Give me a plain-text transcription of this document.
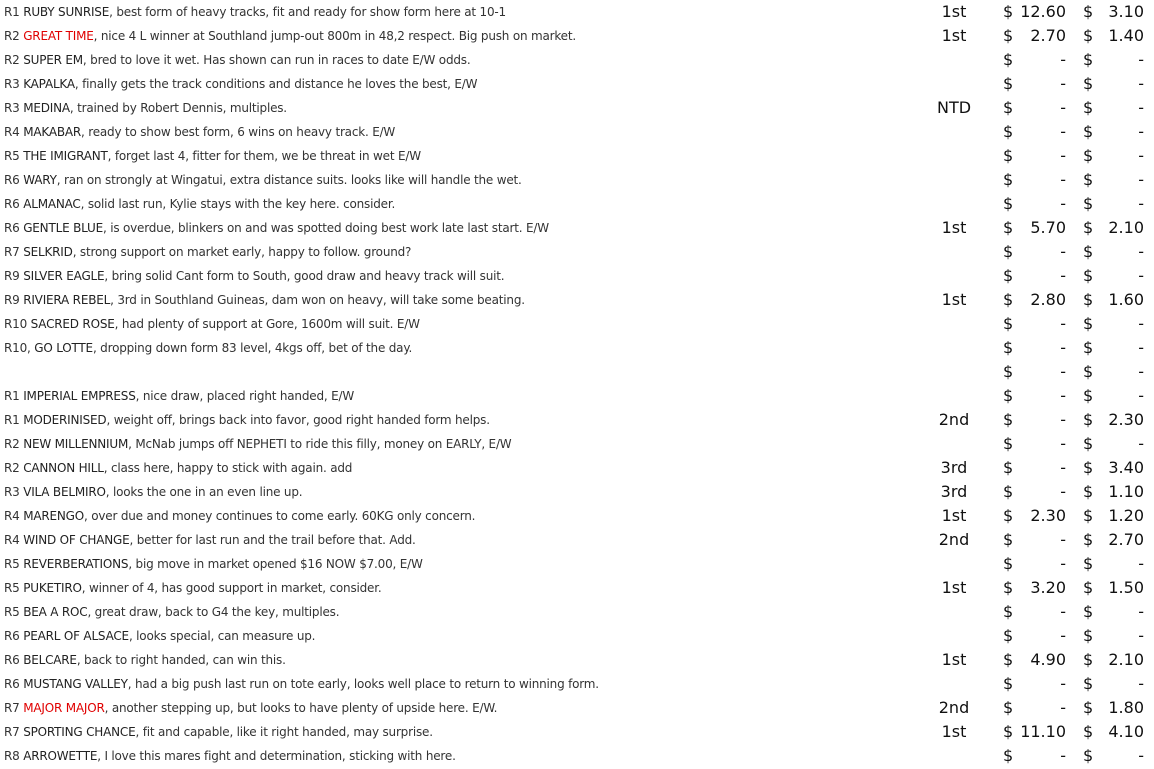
R1 RUBY SUNRISE, best form of heavy tracks, fit and ready for show form here at 10-1	1st	$ 12.60 $ 3.10
R2 GREAT TIME, nice 4 L winner at Southland jump-out 800m in 48,2 respect. Big push on market.	1st	$	2.70 $ 1.40
R2 SUPER EM, bred to love it wet. Has shown can run in races to date E/W odds.	$	- $	-
R3 KAPALKA, finally gets the track conditions and distance he loves the best, E/W	$	- $	-
R3 MEDINA, trained by Robert Dennis, multiples.	NTD	$	- $	-
R4 MAKABAR, ready to show best form, 6 wins on heavy track. E/W	$	- $	-
R5 THE IMIGRANT, forget last 4, fitter for them, we be threat in wet E/W	$	- $	-
R6 WARY, ran on strongly at Wingatui, extra distance suits. looks like will handle the wet.	$	- $	-
R6 ALMANAC, solid last run, Kylie stays with the key here. consider.	$	- $	-
R6 GENTLE BLUE, is overdue, blinkers on and was spotted doing best work late last start. E/W	1st	$	5.70 $ 2.10
R7 SELKRID, strong support on market early, happy to follow. ground?	$	- $	-
R9 SILVER EAGLE, bring solid Cant form to South, good draw and heavy track will suit.	$	- $	-
R9 RIVIERA REBEL, 3rd in Southland Guineas, dam won on heavy, will take some beating.	1st	$	2.80 $ 1.60
R10 SACRED ROSE, had plenty of support at Gore, 1600m will suit. E/W	$	- $	-
R10, GO LOTTE, dropping down form 83 level, 4kgs off, bet of the day.	$	- $	-
$	- $	-
R1 IMPERIAL EMPRESS, nice draw, placed right handed, E/W	$	- $	-
R1 MODERINISED, weight off, brings back into favor, good right handed form helps.	2nd	$	- $ 2.30
R2 NEW MILLENNIUM, McNab jumps off NEPHETI to ride this filly, money on EARLY, E/W	$	- $	-
R2 CANNON HILL, class here, happy to stick with again. add	3rd	$	- $ 3.40
R3 VILA BELMIRO, looks the one in an even line up.	3rd	$	- $ 1.10
R4 MARENGO, over due and money continues to come early. 60KG only concern.	1st	$	2.30 $ 1.20
R4 WIND OF CHANGE, better for last run and the trail before that. Add.	2nd	$	- $ 2.70
R5 REVERBERATIONS, big move in market opened $16 NOW $7.00, E/W	$	- $	-
R5 PUKETIRO, winner of 4, has good support in market, consider.	1st	$	3.20 $ 1.50
R5 BEA A ROC, great draw, back to G4 the key, multiples.	$	- $	-
R6 PEARL OF ALSACE, looks special, can measure up.	$	- $	-
R6 BELCARE, back to right handed, can win this.	1st	$	4.90 $ 2.10
R6 MUSTANG VALLEY, had a big push last run on tote early, looks well place to return to winning form.	$	- $	-
R7 MAJOR MAJOR, another stepping up, but looks to have plenty of upside here. E/W.	2nd	$	- $ 1.80
R7 SPORTING CHANCE, fit and capable, like it right handed, may surprise.	1st	$ 11.10 $ 4.10
R8 ARROWETTE, I love this mares fight and determination, sticking with here.	$	- $	-
